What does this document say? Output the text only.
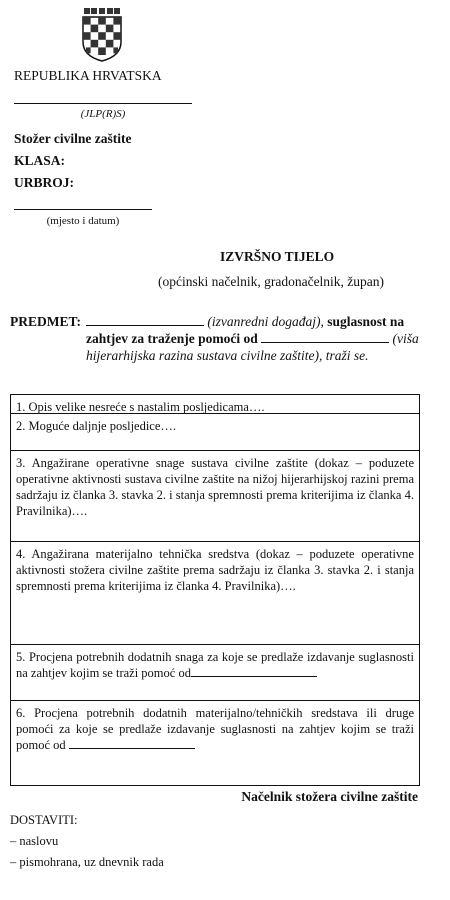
REPUBLIKA HRVATSKA
(JLP(R)S)
Stožer civilne zaštite
KLASA:
URBROJ:
(mjesto i datum)
IZVRŠNO TIJELO
(općinski načelnik, gradonačelnik, župan)
PREDMET:	(izvanredni događaj), suglasnost na zahtjev za traženje pomoći od	(viša hijerarhijska razina sustava civilne zaštite), traži se.
1. Opis velike nesreće s nastalim posljedicama….
2. Moguće daljnje posljedice….
3. Angažirane operativne snage sustava civilne zaštite (dokaz – poduzete operativne aktivnosti sustava civilne zaštite na nižoj hijerarhijskoj razini prema sadržaju iz članka 3. stavka 2. i stanja spremnosti prema kriterijima iz članka 4. Pravilnika)….
4. Angažirana materijalno tehnička sredstva (dokaz – poduzete operativne aktivnosti stožera civilne zaštite prema sadržaju iz članka 3. stavka 2. i stanja spremnosti prema kriterijima iz članka 4. Pravilnika)….
5. Procjena potrebnih dodatnih snaga za koje se predlaže izdavanje suglasnosti na zahtjev kojim se traži pomoć od
6. Procjena potrebnih dodatnih materijalno/tehničkih sredstava ili druge pomoći za koje se predlaže izdavanje suglasnosti na zahtjev kojim se traži pomoć od
Načelnik stožera civilne zaštite
DOSTAVITI:
– naslovu
– pismohrana, uz dnevnik rada
